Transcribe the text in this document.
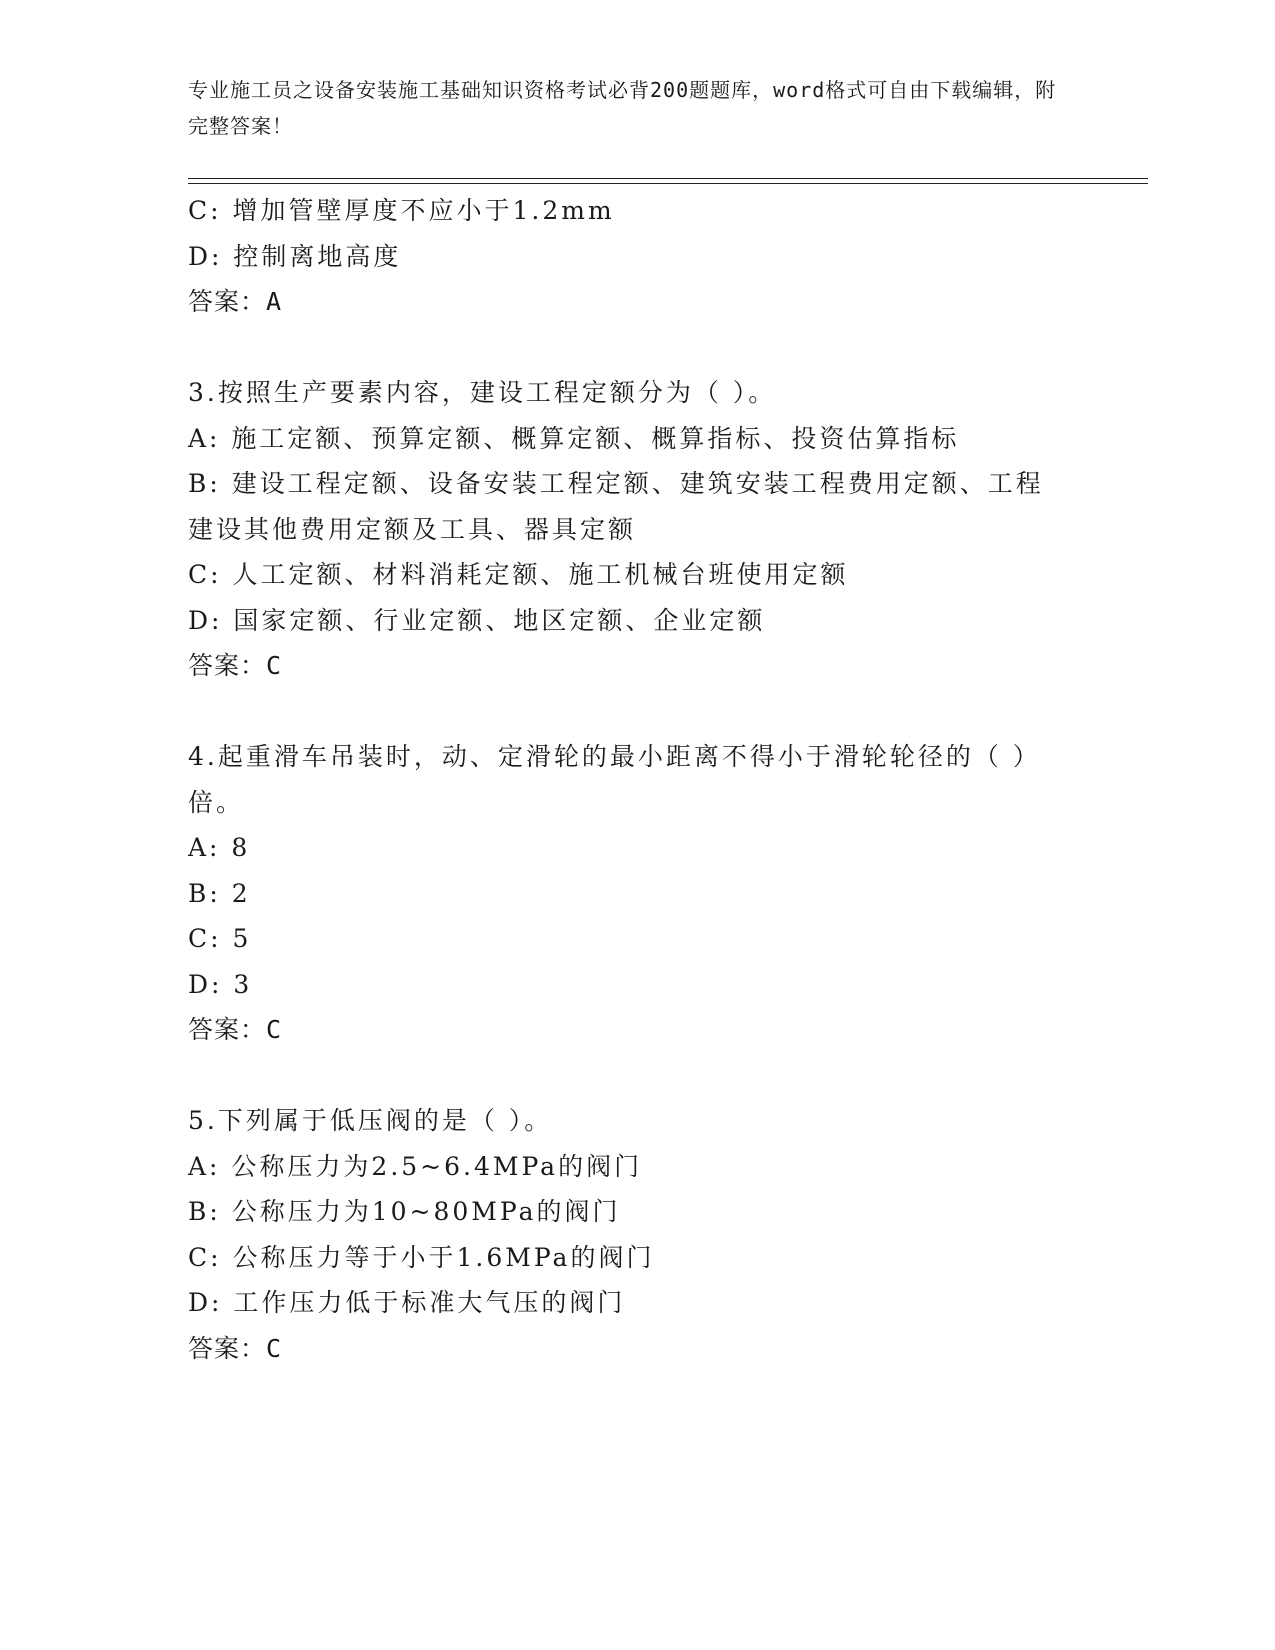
专业施工员之设备安装施工基础知识资格考试必背200题题库，word格式可自由下载编辑，附完整答案！
C: 增加管壁厚度不应小于1.2mm
D: 控制离地高度
答案：A
3.按照生产要素内容，建设工程定额分为（ ）。
A: 施工定额、预算定额、概算定额、概算指标、投资估算指标
B: 建设工程定额、设备安装工程定额、建筑安装工程费用定额、工程建设其他费用定额及工具、器具定额
C: 人工定额、材料消耗定额、施工机械台班使用定额
D: 国家定额、行业定额、地区定额、企业定额
答案：C
4.起重滑车吊装时，动、定滑轮的最小距离不得小于滑轮轮径的（ ）倍。
A: 8
B: 2
C: 5
D: 3
答案：C
5.下列属于低压阀的是（ ）。
A: 公称压力为2.5~6.4MPa的阀门
B: 公称压力为10~80MPa的阀门
C: 公称压力等于小于1.6MPa的阀门
D: 工作压力低于标准大气压的阀门
答案：C
